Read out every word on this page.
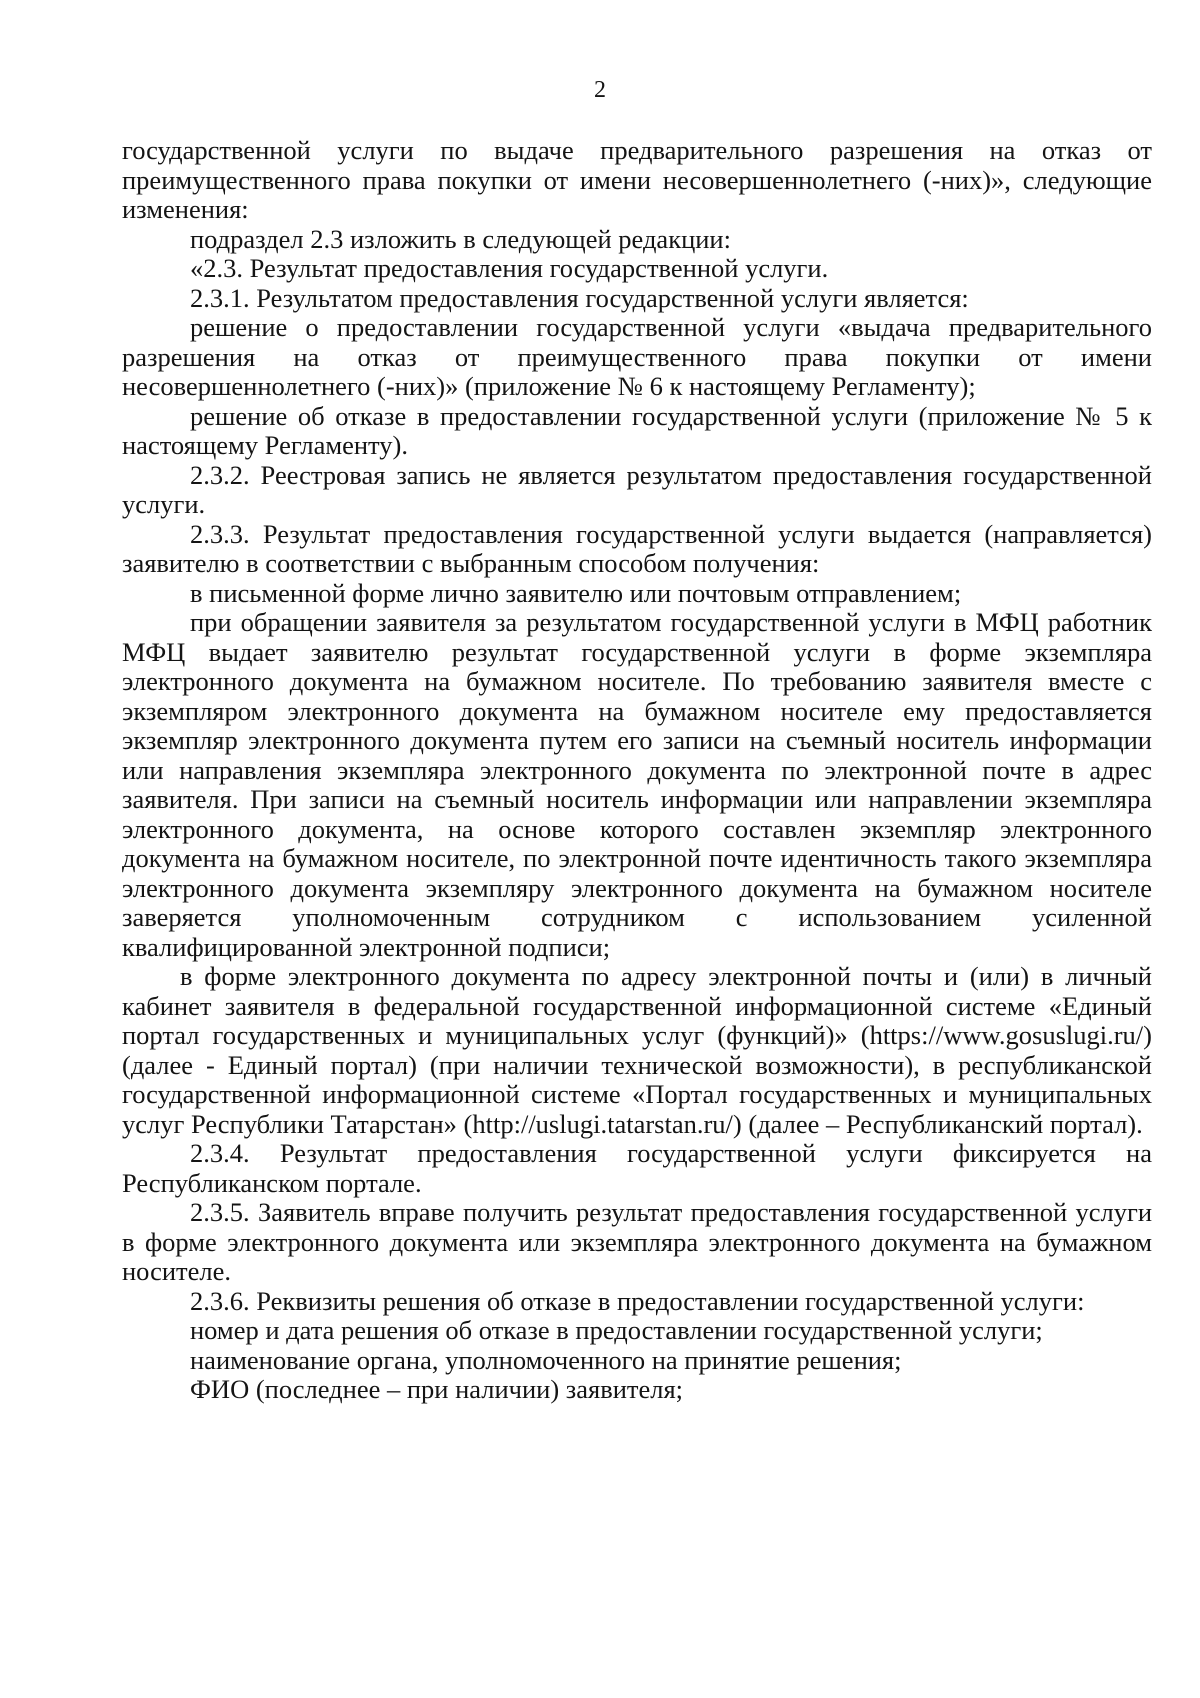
2

государственной услуги по выдаче предварительного разрешения на отказ от преимущественного права покупки от имени несовершеннолетнего (-них)», следующие изменения:

подраздел 2.3 изложить в следующей редакции:

«2.3. Результат предоставления государственной услуги.

2.3.1. Результатом предоставления государственной услуги является:

решение о предоставлении государственной услуги «выдача предварительного разрешения на отказ от преимущественного права покупки от имени несовершеннолетнего (-них)» (приложение № 6 к настоящему Регламенту);

решение об отказе в предоставлении государственной услуги (приложение № 5 к настоящему Регламенту).

2.3.2. Реестровая запись не является результатом предоставления государственной услуги.

2.3.3. Результат предоставления государственной услуги выдается (направляется) заявителю в соответствии с выбранным способом получения:

в письменной форме лично заявителю или почтовым отправлением;

при обращении заявителя за результатом государственной услуги в МФЦ работник МФЦ выдает заявителю результат государственной услуги в форме экземпляра электронного документа на бумажном носителе. По требованию заявителя вместе с экземпляром электронного документа на бумажном носителе ему предоставляется экземпляр электронного документа путем его записи на съемный носитель информации или направления экземпляра электронного документа по электронной почте в адрес заявителя. При записи на съемный носитель информации или направлении экземпляра электронного документа, на основе которого составлен экземпляр электронного документа на бумажном носителе, по электронной почте идентичность такого экземпляра электронного документа экземпляру электронного документа на бумажном носителе заверяется уполномоченным сотрудником с использованием усиленной квалифицированной электронной подписи;

в форме электронного документа по адресу электронной почты и (или) в личный кабинет заявителя в федеральной государственной информационной системе «Единый портал государственных и муниципальных услуг (функций)» (https://www.gosuslugi.ru/) (далее - Единый портал) (при наличии технической возможности), в республиканской государственной информационной системе «Портал государственных и муниципальных услуг Республики Татарстан» (http://uslugi.tatarstan.ru/) (далее – Республиканский портал).

2.3.4. Результат предоставления государственной услуги фиксируется на Республиканском портале.

2.3.5. Заявитель вправе получить результат предоставления государственной услуги в форме электронного документа или экземпляра электронного документа на бумажном носителе.

2.3.6. Реквизиты решения об отказе в предоставлении государственной услуги:

номер и дата решения об отказе в предоставлении государственной услуги;

наименование органа, уполномоченного на принятие решения;

ФИО (последнее – при наличии) заявителя;
